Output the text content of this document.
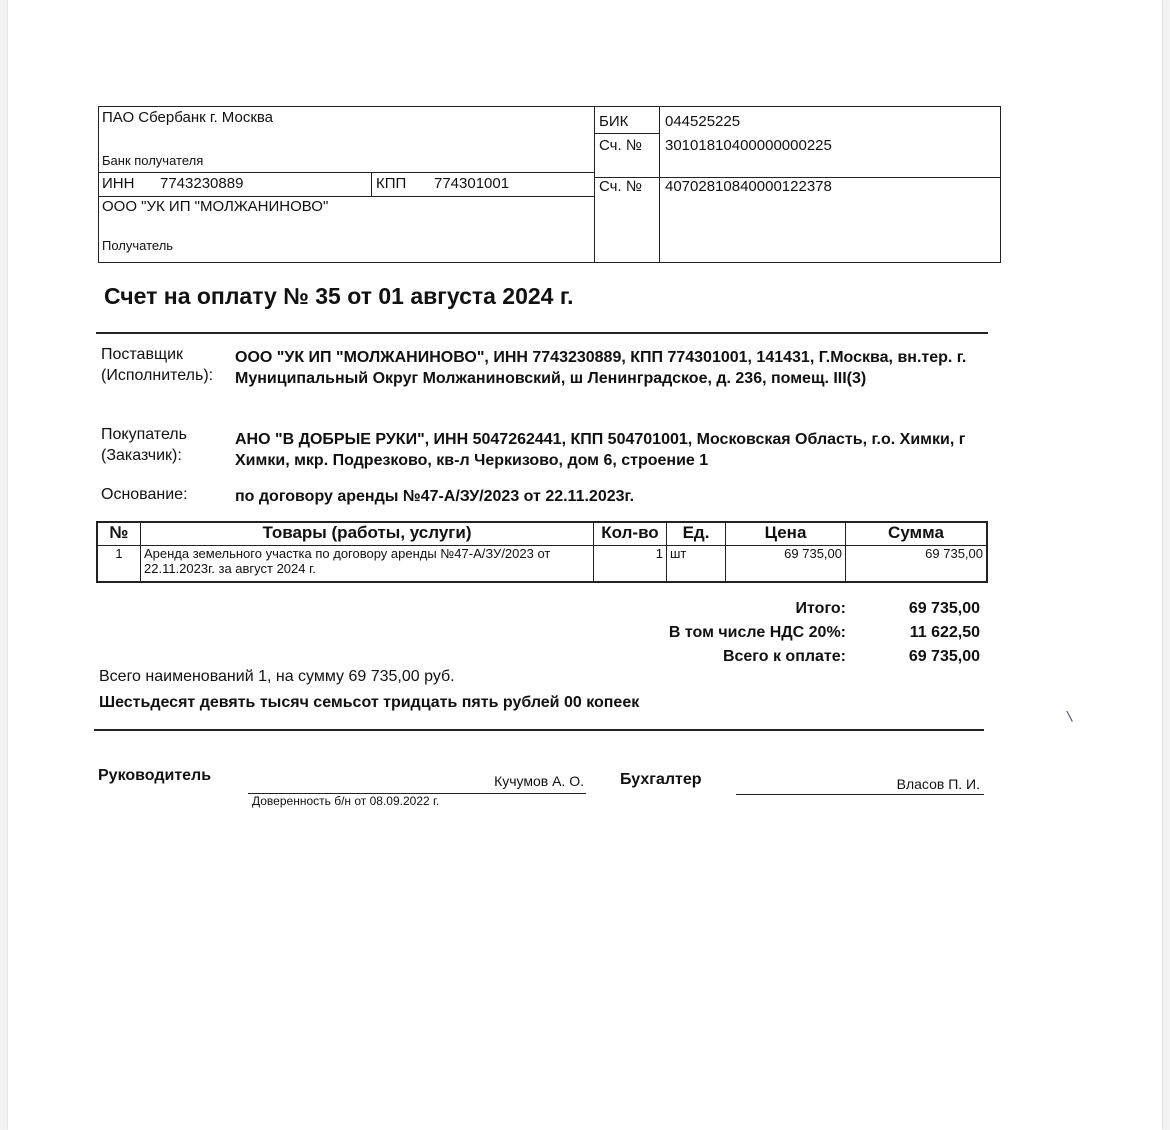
ПАО Сбербанк г. Москва
Банк получателя
БИК 044525225
Сч. № 30101810400000000225
ИНН 7743230889	КПП 774301001	Сч. № 40702810840000122378
ООО "УК ИП "МОЛЖАНИНОВО"
Получатель
Счет на оплату № 35 от 01 августа 2024 г.
Поставщик (Исполнитель):
ООО "УК ИП "МОЛЖАНИНОВО", ИНН 7743230889, КПП 774301001, 141431, Г.Москва, вн.тер. г. Муниципальный Округ Молжаниновский, ш Ленинградское, д. 236, помещ. III(3)
Покупатель (Заказчик):
АНО "В ДОБРЫЕ РУКИ", ИНН 5047262441, КПП 504701001, Московская Область, г.о. Химки, г Химки, мкр. Подрезково, кв-л Черкизово, дом 6, строение 1
Основание:	по договору аренды №47-А/ЗУ/2023 от 22.11.2023г.
№	Товары (работы, услуги)	Кол-во	Ед.	Цена	Сумма
1	Аренда земельного участка по договору аренды №47-А/ЗУ/2023 от 22.11.2023г. за август 2024 г.	1	шт	69 735,00	69 735,00
Итого:	69 735,00
В том числе НДС 20%:	11 622,50
Всего к оплате:	69 735,00
Всего наименований 1, на сумму 69 735,00 руб.
Шестьдесят девять тысяч семьсот тридцать пять рублей 00 копеек
Руководитель	Кучумов А. О.
Доверенность б/н от 08.09.2022 г.
Бухгалтер	Власов П. И.
